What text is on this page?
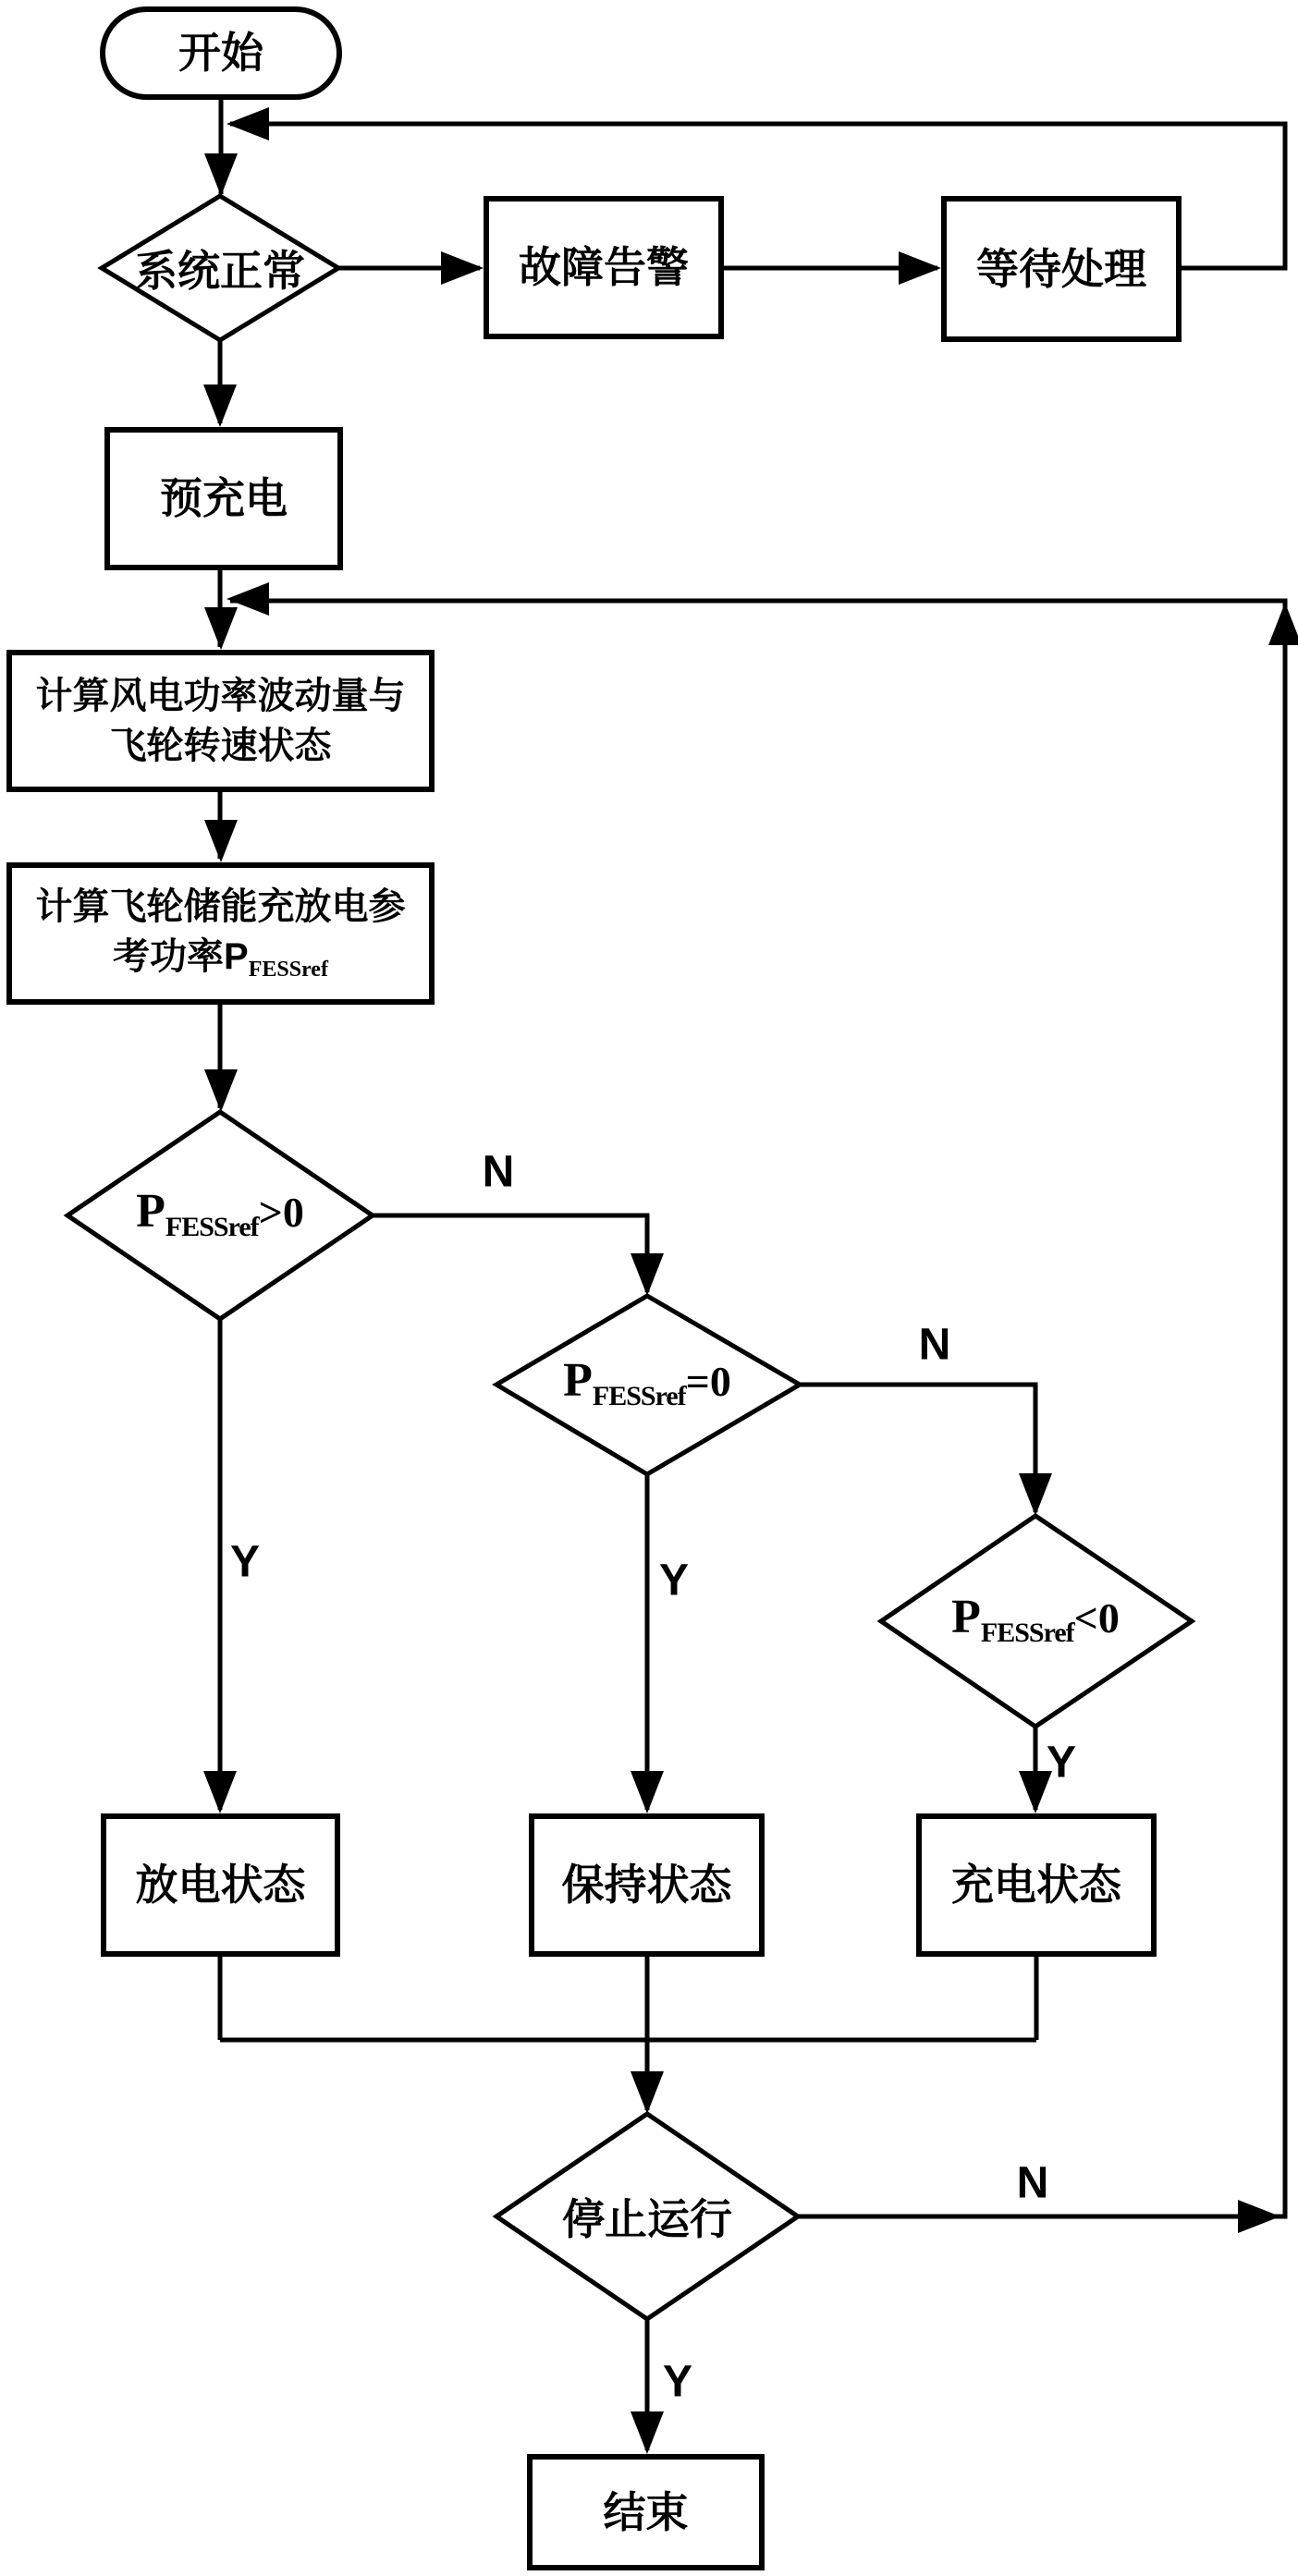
开始
故障告警	等待处理
预充电
计算风电功率波动量与
飞轮转速状态
计算飞轮储能充放电参
考功率$P_{FESSref}$
放电状态	保持状态	充电状态
结束
系统正常
$P_{FESSref}>0$
$P_{FESSref}=0$
$P_{FESSref}<0$
停止运行
N
Y
N
Y
Y
N
Y
